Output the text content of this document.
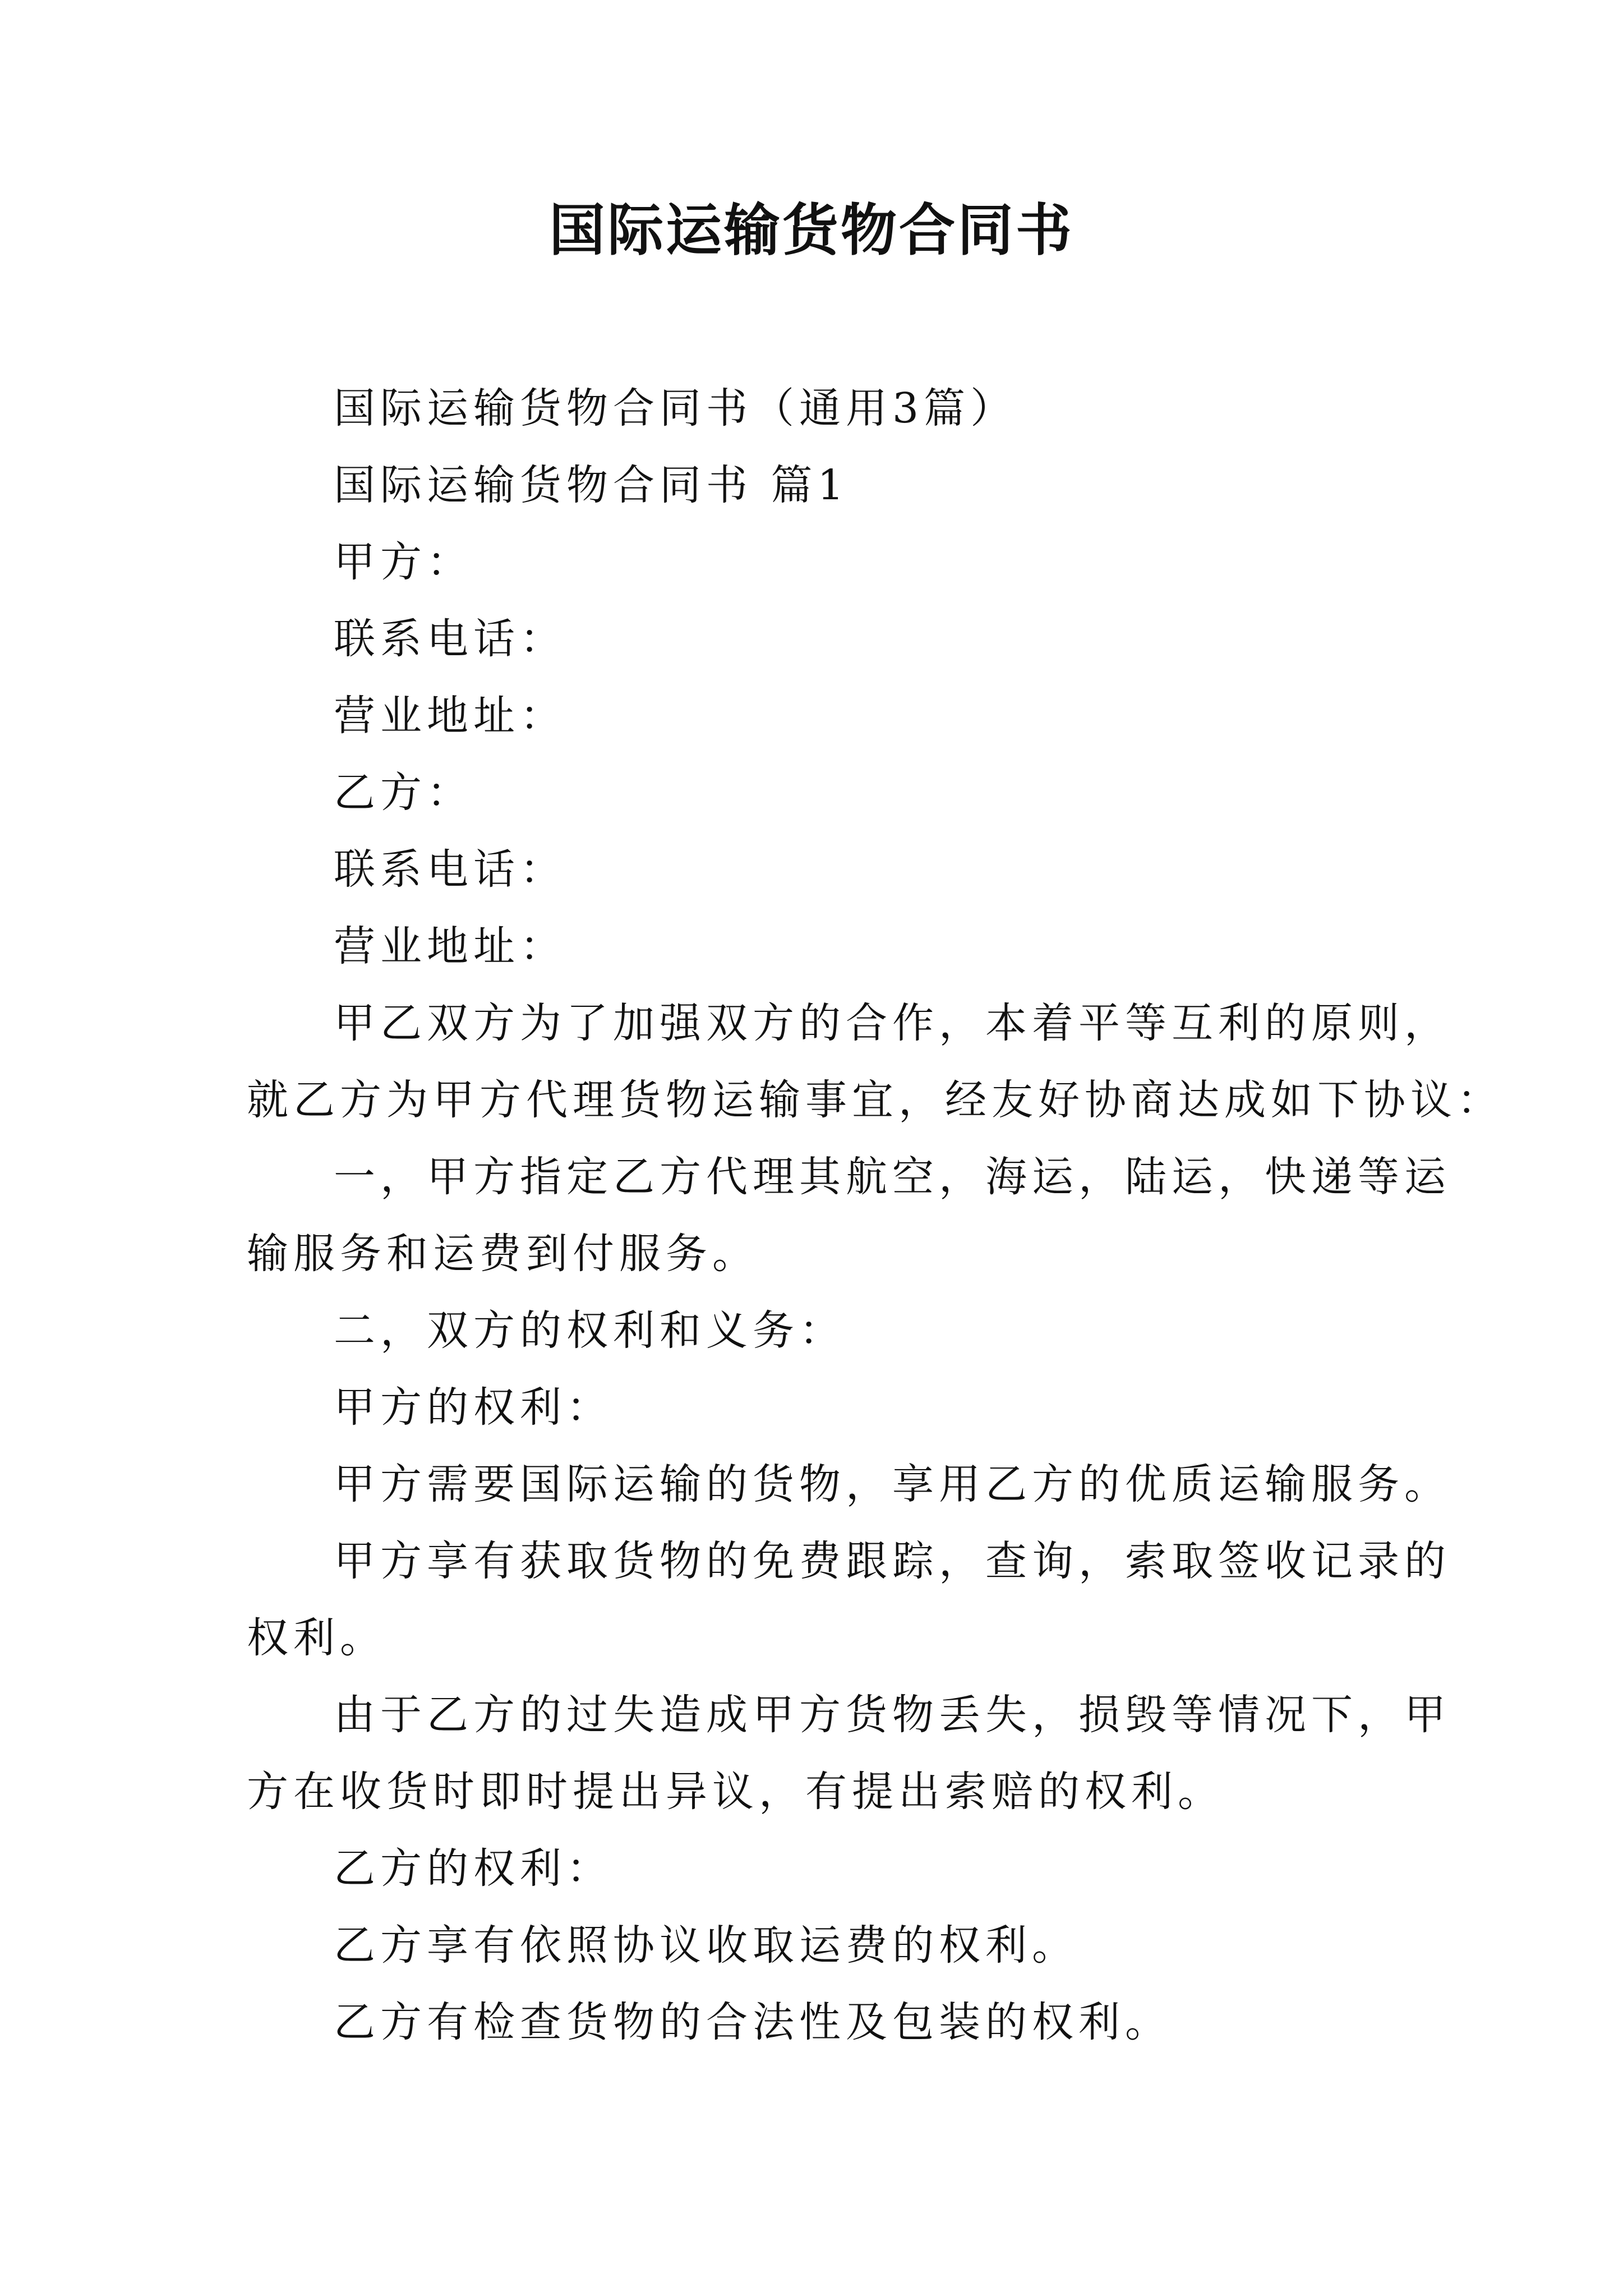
国际运输货物合同书
国际运输货物合同书（通用3篇）
国际运输货物合同书 篇1
甲方：
联系电话：
营业地址：
乙方：
联系电话：
营业地址：
甲乙双方为了加强双方的合作，本着平等互利的原则，
就乙方为甲方代理货物运输事宜，经友好协商达成如下协议：
一，甲方指定乙方代理其航空，海运，陆运，快递等运
输服务和运费到付服务。
二，双方的权利和义务：
甲方的权利：
甲方需要国际运输的货物，享用乙方的优质运输服务。
甲方享有获取货物的免费跟踪，查询，索取签收记录的
权利。
由于乙方的过失造成甲方货物丢失，损毁等情况下，甲
方在收货时即时提出异议，有提出索赔的权利。
乙方的权利：
乙方享有依照协议收取运费的权利。
乙方有检查货物的合法性及包装的权利。
